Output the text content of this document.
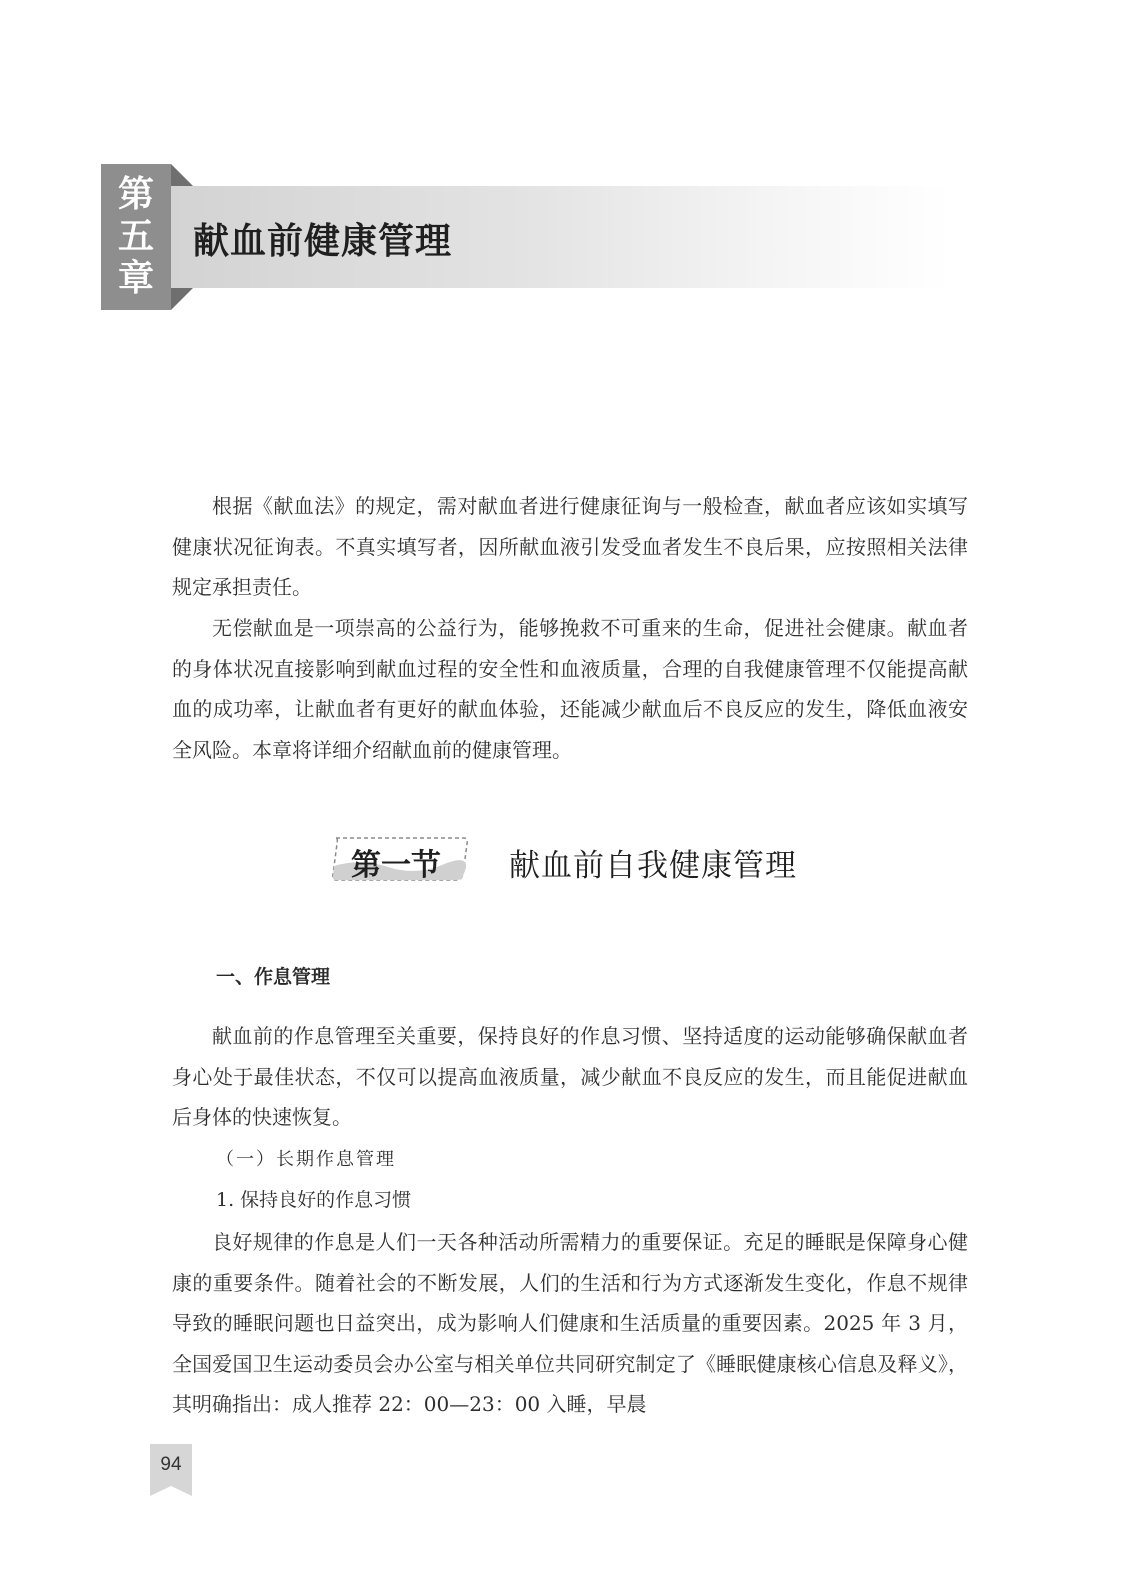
第
五
章
献血前健康管理

根据《献血法》的规定，需对献血者进行健康征询与一般检查，献血者应该如实填写健康状况征询表。不真实填写者，因所献血液引发受血者发生不良后果，应按照相关法律规定承担责任。

无偿献血是一项崇高的公益行为，能够挽救不可重来的生命，促进社会健康。献血者的身体状况直接影响到献血过程的安全性和血液质量，合理的自我健康管理不仅能提高献血的成功率，让献血者有更好的献血体验，还能减少献血后不良反应的发生，降低血液安全风险。本章将详细介绍献血前的健康管理。

第一节 献血前自我健康管理
一、作息管理

献血前的作息管理至关重要，保持良好的作息习惯、坚持适度的运动能够确保献血者身心处于最佳状态，不仅可以提高血液质量，减少献血不良反应的发生，而且能促进献血后身体的快速恢复。

（一）长期作息管理

1. 保持良好的作息习惯

良好规律的作息是人们一天各种活动所需精力的重要保证。充足的睡眠是保障身心健康的重要条件。随着社会的不断发展，人们的生活和行为方式逐渐发生变化，作息不规律导致的睡眠问题也日益突出，成为影响人们健康和生活质量的重要因素。2025 年 3 月，全国爱国卫生运动委员会办公室与相关单位共同研究制定了《睡眠健康核心信息及释义》，其明确指出：成人推荐 22：00—23：00 入睡，早晨

94
